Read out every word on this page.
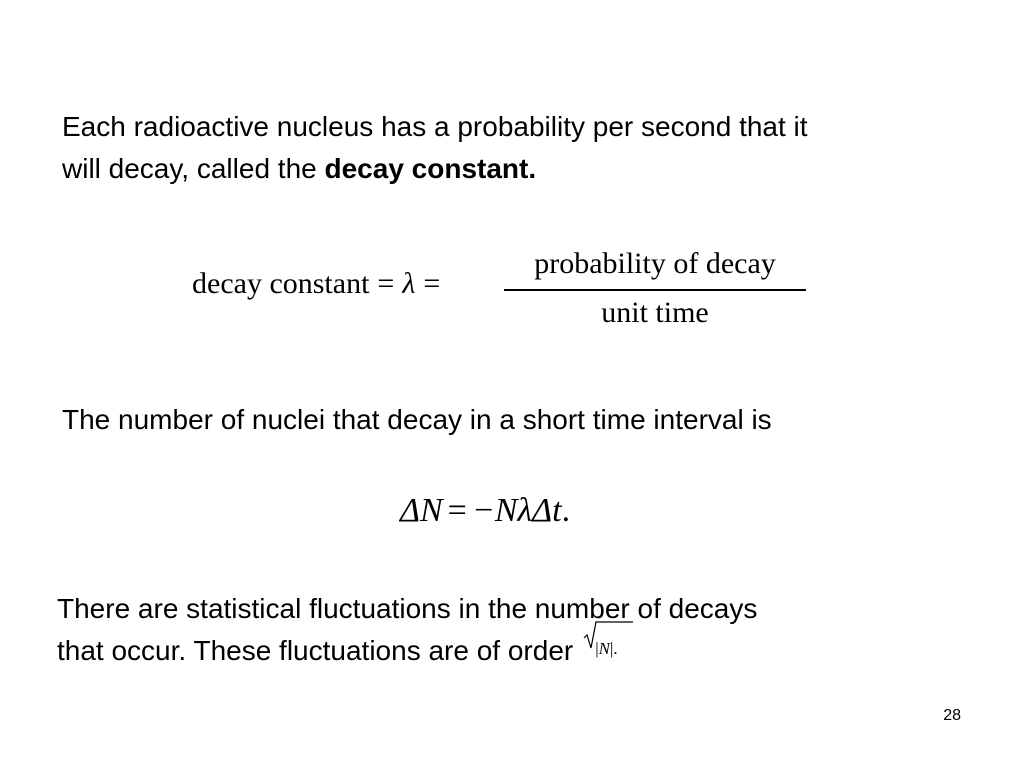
Each radioactive nucleus has a probability per second that it
will decay, called the decay constant.

decay constant = λ =
probability of decay
unit time

The number of nuclei that decay in a short time interval is

ΔN = −NλΔt.

There are statistical fluctuations in the number of decays
that occur. These fluctuations are of order |N|.

28
